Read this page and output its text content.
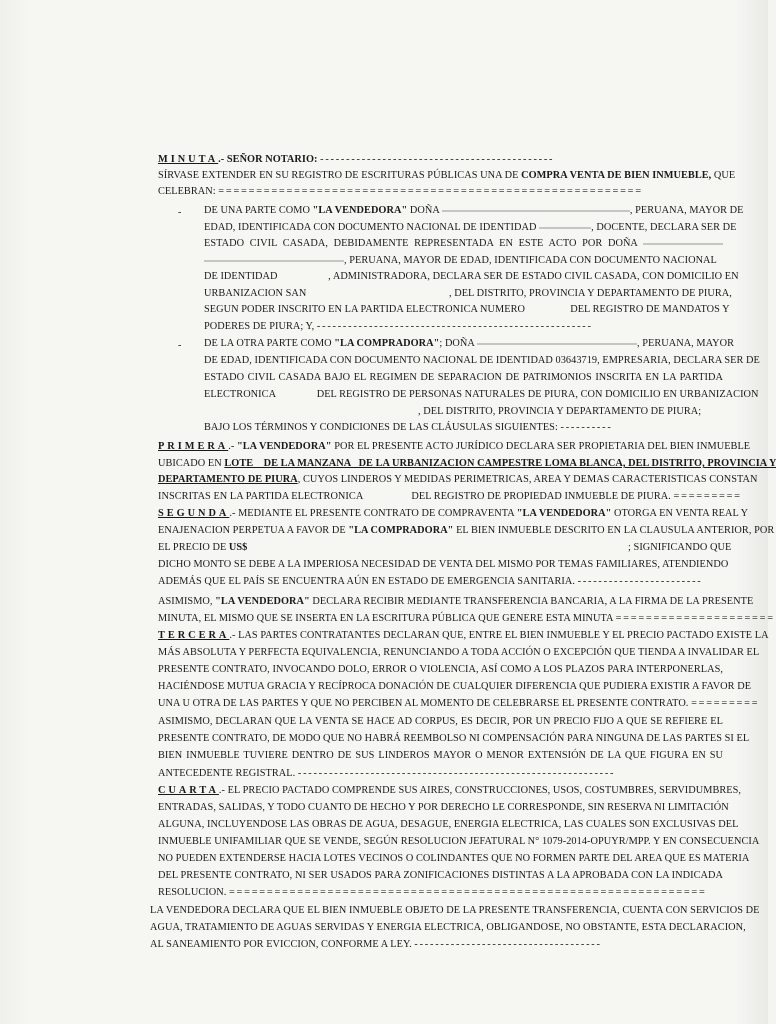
MINUTA.- SEÑOR NOTARIO: - - - - - - - - - - - - - - - - - - - - - - - - - - - - - - - - - - - - - - - - - - - - -
SÍRVASE EXTENDER EN SU REGISTRO DE ESCRITURAS PÚBLICAS UNA DE COMPRA VENTA DE BIEN INMUEBLE, QUE
CELEBRAN: = = = = = = = = = = = = = = = = = = = = = = = = = = = = = = = = = = = = = = = = = = = = = = = = = = = = = = = =
- DE UNA PARTE COMO "LA VENDEDORA" DOÑA	, PERUANA, MAYOR DE
EDAD, IDENTIFICADA CON DOCUMENTO NACIONAL DE IDENTIDAD	, DOCENTE, DECLARA SER DE
ESTADO CIVIL CASADA, DEBIDAMENTE REPRESENTADA EN ESTE ACTO POR DOÑA
, PERUANA, MAYOR DE EDAD, IDENTIFICADA CON DOCUMENTO NACIONAL
DE IDENTIDAD	, ADMINISTRADORA, DECLARA SER DE ESTADO CIVIL CASADA, CON DOMICILIO EN
URBANIZACION SAN	, DEL DISTRITO, PROVINCIA Y DEPARTAMENTO DE PIURA,
SEGUN PODER INSCRITO EN LA PARTIDA ELECTRONICA NUMERO	DEL REGISTRO DE MANDATOS Y
PODERES DE PIURA; Y, - - - - - - - - - - - - - - - - - - - - - - - - - - - - - - - - - - - - - - - - - - - - - - - - - - - - -
- DE LA OTRA PARTE COMO "LA COMPRADORA"; DOÑA	, PERUANA, MAYOR
DE EDAD, IDENTIFICADA CON DOCUMENTO NACIONAL DE IDENTIDAD 03643719, EMPRESARIA, DECLARA SER DE
ESTADO CIVIL CASADA BAJO EL REGIMEN DE SEPARACION DE PATRIMONIOS INSCRITA EN LA PARTIDA
ELECTRONICA	DEL REGISTRO DE PERSONAS NATURALES DE PIURA, CON DOMICILIO EN URBANIZACION
, DEL DISTRITO, PROVINCIA Y DEPARTAMENTO DE PIURA;
BAJO LOS TÉRMINOS Y CONDICIONES DE LAS CLÁUSULAS SIGUIENTES: - - - - - - - - - -
PRIMERA.- "LA VENDEDORA" POR EL PRESENTE ACTO JURÍDICO DECLARA SER PROPIETARIA DEL BIEN INMUEBLE
UBICADO EN LOTE    DE LA MANZANA   DE LA URBANIZACION CAMPESTRE LOMA BLANCA, DEL DISTRITO, PROVINCIA Y
DEPARTAMENTO DE PIURA, CUYOS LINDEROS Y MEDIDAS PERIMETRICAS, AREA Y DEMAS CARACTERISTICAS CONSTAN
INSCRITAS EN LA PARTIDA ELECTRONICA	DEL REGISTRO DE PROPIEDAD INMUEBLE DE PIURA. = = = = = = = = =
SEGUNDA.- MEDIANTE EL PRESENTE CONTRATO DE COMPRAVENTA "LA VENDEDORA" OTORGA EN VENTA REAL Y
ENAJENACION PERPETUA A FAVOR DE "LA COMPRADORA" EL BIEN INMUEBLE DESCRITO EN LA CLAUSULA ANTERIOR, POR
EL PRECIO DE US$	; SIGNIFICANDO QUE
DICHO MONTO SE DEBE A LA IMPERIOSA NECESIDAD DE VENTA DEL MISMO POR TEMAS FAMILIARES, ATENDIENDO
ADEMÁS QUE EL PAÍS SE ENCUENTRA AÚN EN ESTADO DE EMERGENCIA SANITARIA. - - - - - - - - - - - - - - - - - - - - - - - -
ASIMISMO, "LA VENDEDORA" DECLARA RECIBIR MEDIANTE TRANSFERENCIA BANCARIA, A LA FIRMA DE LA PRESENTE
MINUTA, EL MISMO QUE SE INSERTA EN LA ESCRITURA PÚBLICA QUE GENERE ESTA MINUTA = = = = = = = = = = = = = = = = = = = = =
TERCERA.- LAS PARTES CONTRATANTES DECLARAN QUE, ENTRE EL BIEN INMUEBLE Y EL PRECIO PACTADO EXISTE LA
MÁS ABSOLUTA Y PERFECTA EQUIVALENCIA, RENUNCIANDO A TODA ACCIÓN O EXCEPCIÓN QUE TIENDA A INVALIDAR EL
PRESENTE CONTRATO, INVOCANDO DOLO, ERROR O VIOLENCIA, ASÍ COMO A LOS PLAZOS PARA INTERPONERLAS,
HACIÉNDOSE MUTUA GRACIA Y RECÍPROCA DONACIÓN DE CUALQUIER DIFERENCIA QUE PUDIERA EXISTIR A FAVOR DE
UNA U OTRA DE LAS PARTES Y QUE NO PERCIBEN AL MOMENTO DE CELEBRARSE EL PRESENTE CONTRATO. = = = = = = = = =
ASIMISMO, DECLARAN QUE LA VENTA SE HACE AD CORPUS, ES DECIR, POR UN PRECIO FIJO A QUE SE REFIERE EL
PRESENTE CONTRATO, DE MODO QUE NO HABRÁ REEMBOLSO NI COMPENSACIÓN PARA NINGUNA DE LAS PARTES SI EL
BIEN INMUEBLE TUVIERE DENTRO DE SUS LINDEROS MAYOR O MENOR EXTENSIÓN DE LA QUE FIGURA EN SU
ANTECEDENTE REGISTRAL. - - - - - - - - - - - - - - - - - - - - - - - - - - - - - - - - - - - - - - - - - - - - - - - - - - - - - - - - - - - - -
CUARTA.- EL PRECIO PACTADO COMPRENDE SUS AIRES, CONSTRUCCIONES, USOS, COSTUMBRES, SERVIDUMBRES,
ENTRADAS, SALIDAS, Y TODO CUANTO DE HECHO Y POR DERECHO LE CORRESPONDE, SIN RESERVA NI LIMITACIÓN
ALGUNA, INCLUYENDOSE LAS OBRAS DE AGUA, DESAGUE, ENERGIA ELECTRICA, LAS CUALES SON EXCLUSIVAS DEL
INMUEBLE UNIFAMILIAR QUE SE VENDE, SEGÚN RESOLUCION JEFATURAL N° 1079-2014-OPUYR/MPP. Y EN CONSECUENCIA
NO PUEDEN EXTENDERSE HACIA LOTES VECINOS O COLINDANTES QUE NO FORMEN PARTE DEL AREA QUE ES MATERIA
DEL PRESENTE CONTRATO, NI SER USADOS PARA ZONIFICACIONES DISTINTAS A LA APROBADA CON LA INDICADA
RESOLUCION. = = = = = = = = = = = = = = = = = = = = = = = = = = = = = = = = = = = = = = = = = = = = = = = = = = = = = = = = = = = = = = =
LA VENDEDORA DECLARA QUE EL BIEN INMUEBLE OBJETO DE LA PRESENTE TRANSFERENCIA, CUENTA CON SERVICIOS DE
AGUA, TRATAMIENTO DE AGUAS SERVIDAS Y ENERGIA ELECTRICA, OBLIGANDOSE, NO OBSTANTE, ESTA DECLARACION,
AL SANEAMIENTO POR EVICCION, CONFORME A LEY. - - - - - - - - - - - - - - - - - - - - - - - - - - - - - - - - - - - -
